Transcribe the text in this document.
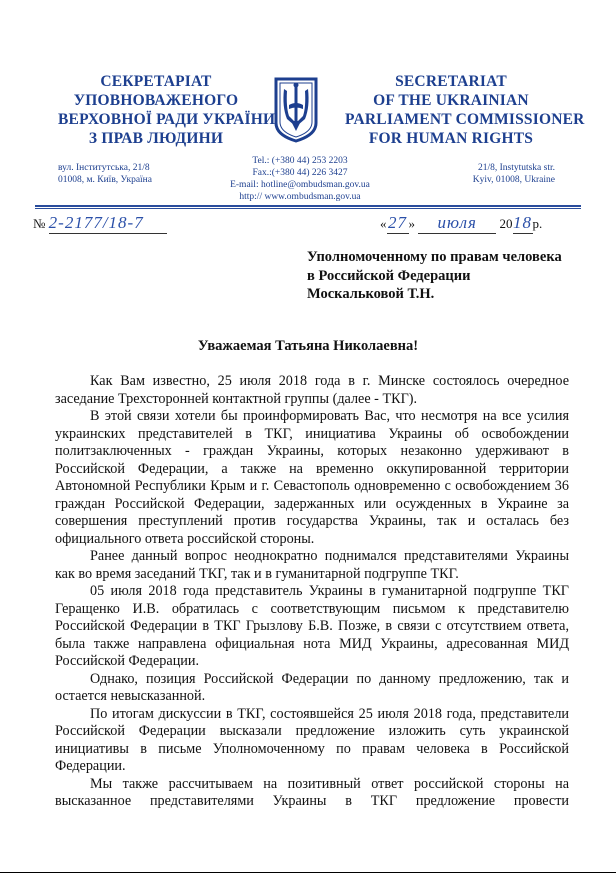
СЕКРЕТАРІАТ
УПОВНОВАЖЕНОГО
ВЕРХОВНОЇ РАДИ УКРАЇНИ
З ПРАВ ЛЮДИНИ
SECRETARIAT
OF THE UKRAINIAN
PARLIAMENT COMMISSIONER
FOR HUMAN RIGHTS
вул. Інститутська, 21/8
01008, м. Київ, Україна
Tel.: (+380 44) 253 2203
Fax.:(+380 44) 226 3427
E-mail: hotline@ombudsman.gov.ua
http:// www.ombudsman.gov.ua
21/8, Instytutska str.
Kyiv, 01008, Ukraine
№ 2-2177/18-7	«27 » июля 2018р.
Уполномоченному по правам человека
в Российской Федерации
Москальковой Т.Н.
Уважаемая Татьяна Николаевна!

Как Вам известно, 25 июля 2018 года в г. Минске состоялось очередное заседание Трехсторонней контактной группы (далее - ТКГ).

В этой связи хотели бы проинформировать Вас, что несмотря на все усилия украинских представителей в ТКГ, инициатива Украины об освобождении политзаключенных - граждан Украины, которых незаконно удерживают в Российской Федерации, а также на временно оккупированной территории Автономной Республики Крым и г. Севастополь одновременно с освобождением 36 граждан Российской Федерации, задержанных или осужденных в Украине за совершения преступлений против государства Украины, так и осталась без официального ответа российской стороны.

Ранее данный вопрос неоднократно поднимался представителями Украины как во время заседаний ТКГ, так и в гуманитарной подгруппе ТКГ.

05 июля 2018 года представитель Украины в гуманитарной подгруппе ТКГ Геращенко И.В. обратилась с соответствующим письмом к представителю Российской Федерации в ТКГ Грызлову Б.В. Позже, в связи с отсутствием ответа, была также направлена официальная нота МИД Украины, адресованная МИД Российской Федерации.

Однако, позиция Российской Федерации по данному предложению, так и остается невысказанной.

По итогам дискуссии в ТКГ, состоявшейся 25 июля 2018 года, представители Российской Федерации высказали предложение изложить суть украинской инициативы в письме Уполномоченному по правам человека в Российской Федерации.

Мы также рассчитываем на позитивный ответ российской стороны на высказанное представителями Украины в ТКГ предложение провести
